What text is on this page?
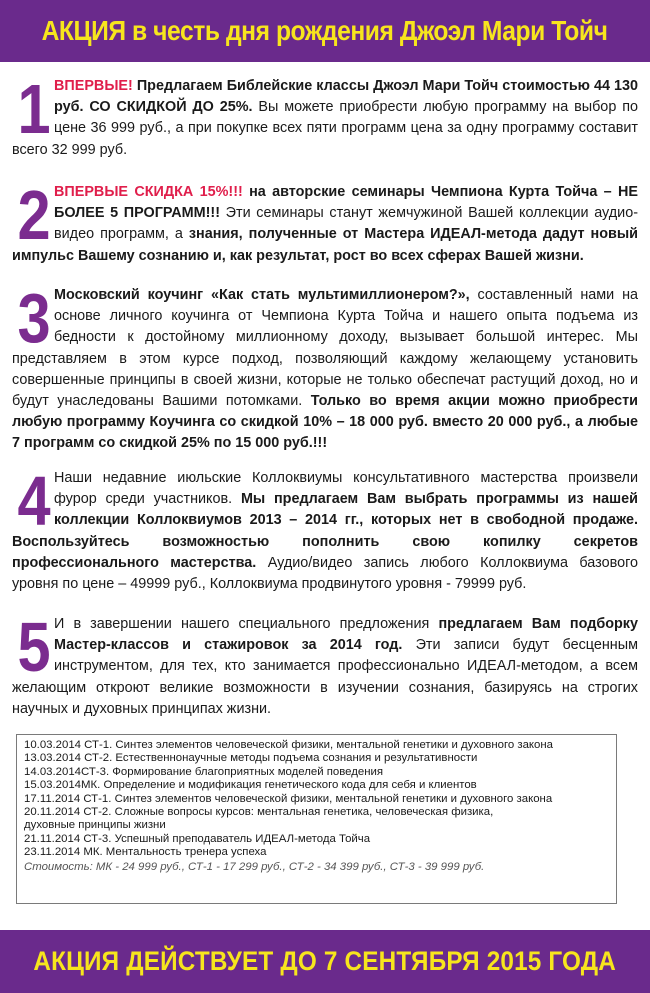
АКЦИЯ в честь дня рождения Джоэл Мари Тойч
1 ВПЕРВЫЕ! Предлагаем Библейские классы Джоэл Мари Тойч стоимостью 44 130 руб. СО СКИДКОЙ ДО 25%. Вы можете приобрести любую программу на выбор по цене 36 999 руб., а при покупке всех пяти программ цена за одну программу составит всего 32 999 руб.
2 ВПЕРВЫЕ СКИДКА 15%!!! на авторские семинары Чемпиона Курта Тойча – НЕ БОЛЕЕ 5 ПРОГРАММ!!! Эти семинары станут жемчужиной Вашей коллекции аудио-видео программ, а знания, полученные от Мастера ИДЕАЛ-метода дадут новый импульс Вашему сознанию и, как результат, рост во всех сферах Вашей жизни.
3 Московский коучинг «Как стать мультимиллионером?», составленный нами на основе личного коучинга от Чемпиона Курта Тойча и нашего опыта подъема из бедности к достойному миллионному доходу, вызывает большой интерес. Мы представляем в этом курсе подход, позволяющий каждому желающему установить совершенные принципы в своей жизни, которые не только обеспечат растущий доход, но и будут унаследованы Вашими потомками. Только во время акции можно приобрести любую программу Коучинга со скидкой 10% – 18 000 руб. вместо 20 000 руб., а любые 7 программ со скидкой 25% по 15 000 руб.!!!
4 Наши недавние июльские Коллоквиумы консультативного мастерства произвели фурор среди участников. Мы предлагаем Вам выбрать программы из нашей коллекции Коллоквиумов 2013 – 2014 гг., которых нет в свободной продаже. Воспользуйтесь возможностью пополнить свою копилку секретов профессионального мастерства. Аудио/видео запись любого Коллоквиума базового уровня по цене – 49999 руб., Коллоквиума продвинутого уровня - 79999 руб.
5 И в завершении нашего специального предложения предлагаем Вам подборку Мастер-классов и стажировок за 2014 год. Эти записи будут бесценным инструментом, для тех, кто занимается профессионально ИДЕАЛ-методом, а всем желающим откроют великие возможности в изучении сознания, базируясь на строгих научных и духовных принципах жизни.
10.03.2014 СТ-1. Синтез элементов человеческой физики, ментальной генетики и духовного закона
13.03.2014 СТ-2. Естественнонаучные методы подъема сознания и результативности
14.03.2014СТ-3. Формирование благоприятных моделей поведения
15.03.2014МК. Определение и модификация генетического кода для себя и клиентов
17.11.2014 СТ-1. Синтез элементов человеческой физики, ментальной генетики и духовного закона
20.11.2014 СТ-2. Сложные вопросы курсов: ментальная генетика, человеческая физика,
духовные принципы жизни
21.11.2014 СТ-3. Успешный преподаватель ИДЕАЛ-метода Тойча
23.11.2014 МК. Ментальность тренера успеха
Стоимость: МК - 24 999 руб., СТ-1 - 17 299 руб., СТ-2 - 34 399 руб., СТ-3 - 39 999 руб.
АКЦИЯ ДЕЙСТВУЕТ ДО 7 СЕНТЯБРЯ 2015 ГОДА
